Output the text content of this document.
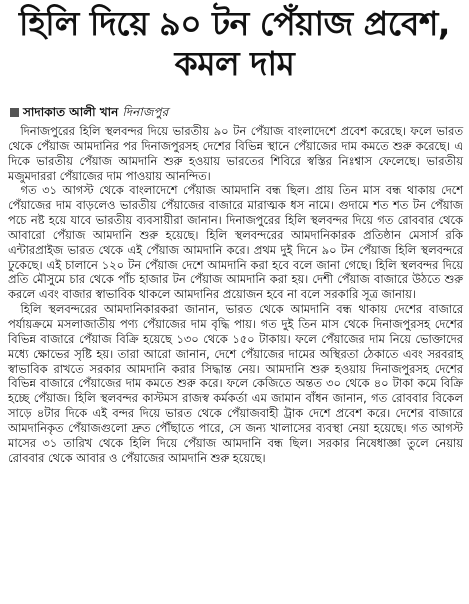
হিলি দিয়ে ৯০ টন পেঁয়াজ প্রবেশ, কমল দাম
সাদাকাত আলী খান দিনাজপুর

দিনাজপুরের হিলি স্থলবন্দর দিয়ে ভারতীয় ৯০ টন পেঁয়াজ বাংলাদেশে প্রবেশ করেছে। ফলে ভারত থেকে পেঁয়াজ আমদানির পর দিনাজপুরসহ দেশের বিভিন্ন স্থানে পেঁয়াজের দাম কমতে শুরু করেছে। এ দিকে ভারতীয় পেঁয়াজ আমদানি শুরু হওয়ায় ভারতের শিবিরে স্বস্তির নিঃশ্বাস ফেলেছে। ভারতীয় মজুমদাররা পেঁয়াজের দাম পাওয়ায় আনন্দিত।

গত ৩১ আগস্ট থেকে বাংলাদেশে পেঁয়াজ আমদানি বন্ধ ছিল। প্রায় তিন মাস বন্ধ থাকায় দেশে পেঁয়াজের দাম বাড়লেও ভারতীয় পেঁয়াজের বাজারে মারাত্মক ধস নামে। গুদামে শত শত টন পেঁয়াজ পচে নষ্ট হয়ে যাবে ভারতীয় ব্যবসায়ীরা জানান। দিনাজপুরের হিলি স্থলবন্দর দিয়ে গত রোববার থেকে আবারো পেঁয়াজ আমদানি শুরু হয়েছে। হিলি স্থলবন্দরের আমদানিকারক প্রতিষ্ঠান মেসার্স রকি এন্টারপ্রাইজ ভারত থেকে এই পেঁয়াজ আমদানি করে। প্রথম দুই দিনে ৯০ টন পেঁয়াজ হিলি স্থলবন্দরে ঢুকেছে। এই চালানে ১২০ টন পেঁয়াজ দেশে আমদানি করা হবে বলে জানা গেছে। হিলি স্থলবন্দর দিয়ে প্রতি মৌসুমে চার থেকে পাঁচ হাজার টন পেঁয়াজ আমদানি করা হয়। দেশী পেঁয়াজ বাজারে উঠতে শুরু করলে এবং বাজার স্বাভাবিক থাকলে আমদানির প্রয়োজন হবে না বলে সরকারি সূত্র জানায়।

হিলি স্থলবন্দরের আমদানিকারকরা জানান, ভারত থেকে আমদানি বন্ধ থাকায় দেশের বাজারে পর্যায়ক্রমে মসলাজাতীয় পণ্য পেঁয়াজের দাম বৃদ্ধি পায়। গত দুই তিন মাস থেকে দিনাজপুরসহ দেশের বিভিন্ন বাজারে পেঁয়াজ বিক্রি হয়েছে ১৩০ থেকে ১৫০ টাকায়। ফলে পেঁয়াজের দাম নিয়ে ভোক্তাদের মধ্যে ক্ষোভের সৃষ্টি হয়। তারা আরো জানান, দেশে পেঁয়াজের দামের অস্থিরতা ঠেকাতে এবং সরবরাহ স্বাভাবিক রাখতে সরকার আমদানি করার সিদ্ধান্ত নেয়। আমদানি শুরু হওয়ায় দিনাজপুরসহ দেশের বিভিন্ন বাজারে পেঁয়াজের দাম কমতে শুরু করে। ফলে কেজিতে অন্তত ৩০ থেকে ৪০ টাকা কমে বিক্রি হচ্ছে পেঁয়াজ। হিলি স্থলবন্দর কাস্টমস রাজস্ব কর্মকর্তা এম জামান বাঁধন জানান, গত রোববার বিকেল সাড়ে ৪টার দিকে এই বন্দর দিয়ে ভারত থেকে পেঁয়াজবাহী ট্রাক দেশে প্রবেশ করে। দেশের বাজারে আমদানিকৃত পেঁয়াজগুলো দ্রুত পৌঁছাতে পারে, সে জন্য খালাসের ব্যবস্থা নেয়া হয়েছে। গত আগস্ট মাসের ৩১ তারিখ থেকে হিলি দিয়ে পেঁয়াজ আমদানি বন্ধ ছিল। সরকার নিষেধাজ্ঞা তুলে নেয়ায় রোববার থেকে আবার ও পেঁয়াজের আমদানি শুরু হয়েছে।
